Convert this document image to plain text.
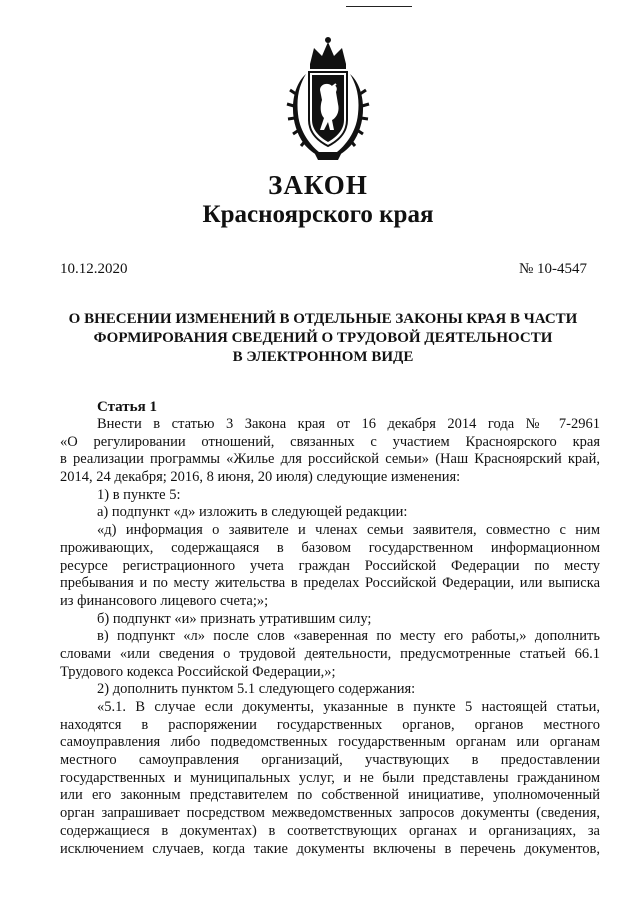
ЗАКОН
Красноярского края
10.12.2020	№ 10-4547
О ВНЕСЕНИИ ИЗМЕНЕНИЙ В ОТДЕЛЬНЫЕ ЗАКОНЫ КРАЯ В ЧАСТИ
ФОРМИРОВАНИЯ СВЕДЕНИЙ О ТРУДОВОЙ ДЕЯТЕЛЬНОСТИ
В ЭЛЕКТРОННОМ ВИДЕ
Статья 1
Внести в статью 3 Закона края от 16 декабря 2014 года № 7-2961
«О регулировании отношений, связанных с участием Красноярского края
в реализации программы «Жилье для российской семьи» (Наш Красноярский край,
2014, 24 декабря; 2016, 8 июня, 20 июля) следующие изменения:
1) в пункте 5:
а) подпункт «д» изложить в следующей редакции:
«д) информация о заявителе и членах семьи заявителя, совместно с ним
проживающих, содержащаяся в базовом государственном информационном
ресурсе регистрационного учета граждан Российской Федерации по месту
пребывания и по месту жительства в пределах Российской Федерации, или выписка
из финансового лицевого счета;»;
б) подпункт «и» признать утратившим силу;
в) подпункт «л» после слов «заверенная по месту его работы,» дополнить
словами «или сведения о трудовой деятельности, предусмотренные статьей 66.1
Трудового кодекса Российской Федерации,»;
2) дополнить пунктом 5.1 следующего содержания:
«5.1. В случае если документы, указанные в пункте 5 настоящей статьи,
находятся в распоряжении государственных органов, органов местного
самоуправления либо подведомственных государственным органам или органам
местного самоуправления организаций, участвующих в предоставлении
государственных и муниципальных услуг, и не были представлены гражданином
или его законным представителем по собственной инициативе, уполномоченный
орган запрашивает посредством межведомственных запросов документы (сведения,
содержащиеся в документах) в соответствующих органах и организациях, за
исключением случаев, когда такие документы включены в перечень документов,
